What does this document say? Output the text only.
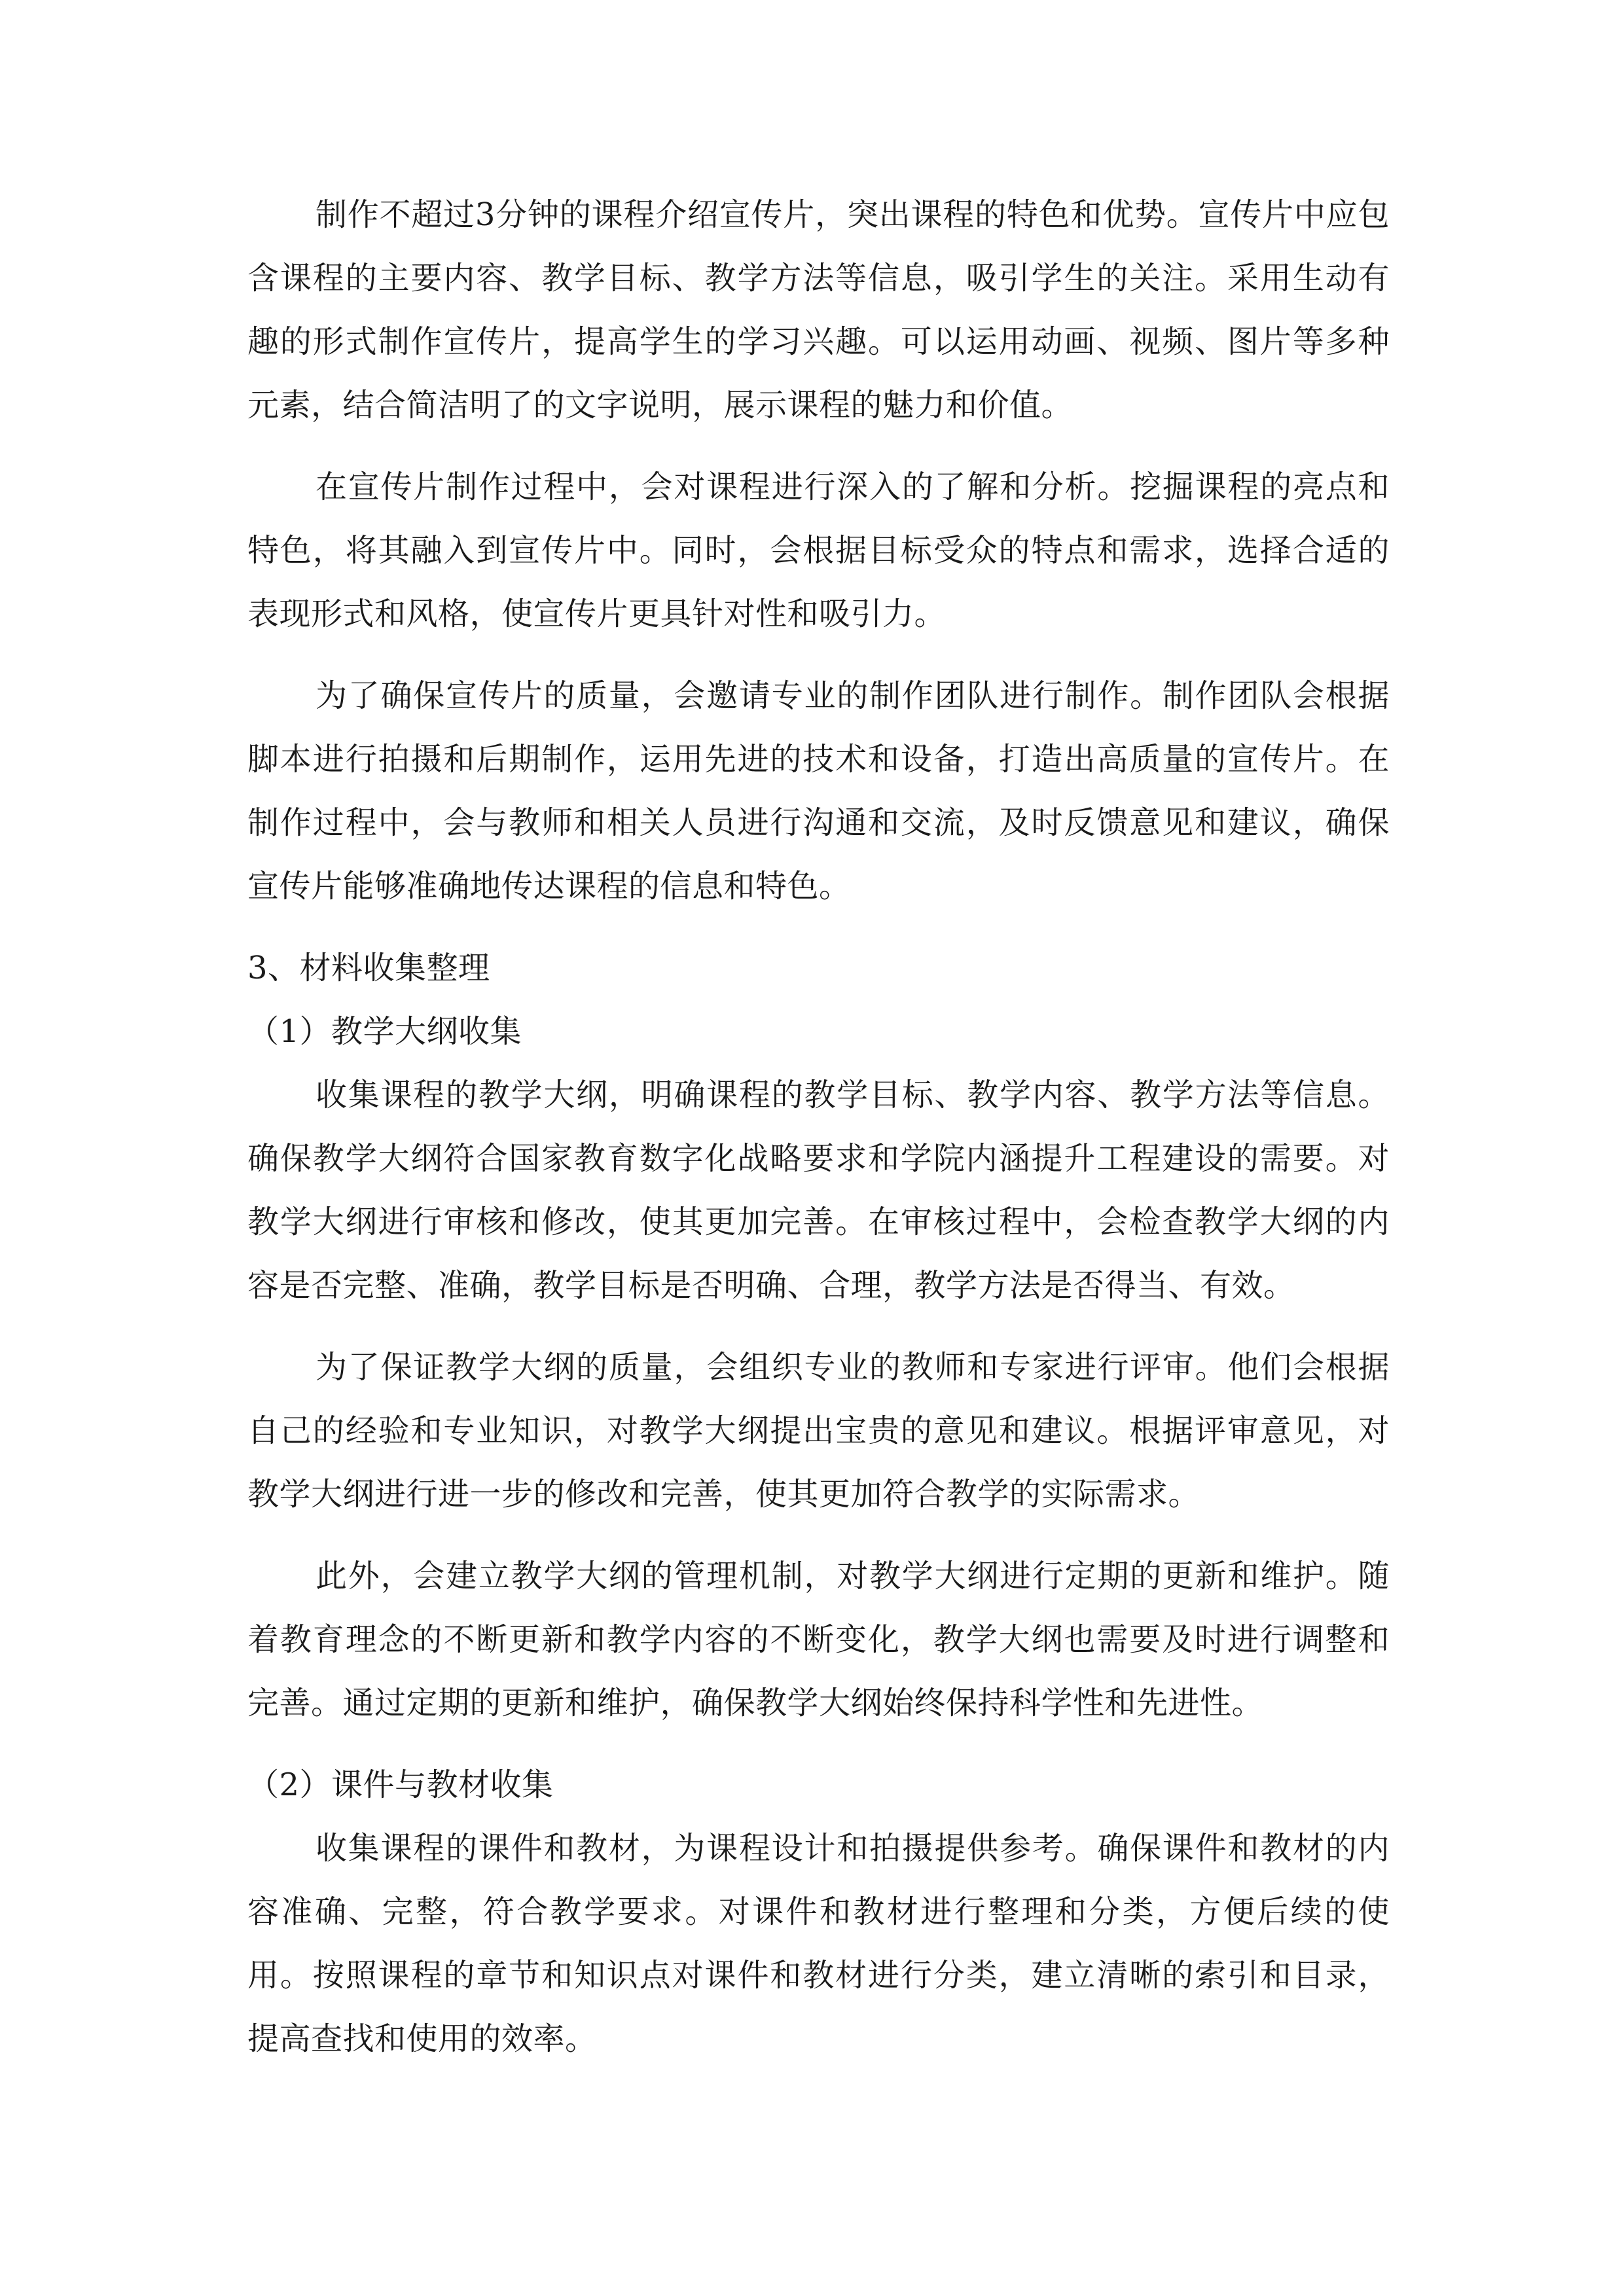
制作不超过3分钟的课程介绍宣传片，突出课程的特色和优势。宣传片中应包含课程的主要内容、教学目标、教学方法等信息，吸引学生的关注。采用生动有趣的形式制作宣传片，提高学生的学习兴趣。可以运用动画、视频、图片等多种元素，结合简洁明了的文字说明，展示课程的魅力和价值。

在宣传片制作过程中，会对课程进行深入的了解和分析。挖掘课程的亮点和特色，将其融入到宣传片中。同时，会根据目标受众的特点和需求，选择合适的表现形式和风格，使宣传片更具针对性和吸引力。

为了确保宣传片的质量，会邀请专业的制作团队进行制作。制作团队会根据脚本进行拍摄和后期制作，运用先进的技术和设备，打造出高质量的宣传片。在制作过程中，会与教师和相关人员进行沟通和交流，及时反馈意见和建议，确保宣传片能够准确地传达课程的信息和特色。

3、材料收集整理

（1）教学大纲收集

收集课程的教学大纲，明确课程的教学目标、教学内容、教学方法等信息。确保教学大纲符合国家教育数字化战略要求和学院内涵提升工程建设的需要。对教学大纲进行审核和修改，使其更加完善。在审核过程中，会检查教学大纲的内容是否完整、准确，教学目标是否明确、合理，教学方法是否得当、有效。

为了保证教学大纲的质量，会组织专业的教师和专家进行评审。他们会根据自己的经验和专业知识，对教学大纲提出宝贵的意见和建议。根据评审意见，对教学大纲进行进一步的修改和完善，使其更加符合教学的实际需求。

此外，会建立教学大纲的管理机制，对教学大纲进行定期的更新和维护。随着教育理念的不断更新和教学内容的不断变化，教学大纲也需要及时进行调整和完善。通过定期的更新和维护，确保教学大纲始终保持科学性和先进性。

（2）课件与教材收集

收集课程的课件和教材，为课程设计和拍摄提供参考。确保课件和教材的内容准确、完整，符合教学要求。对课件和教材进行整理和分类，方便后续的使用。按照课程的章节和知识点对课件和教材进行分类，建立清晰的索引和目录，提高查找和使用的效率。
